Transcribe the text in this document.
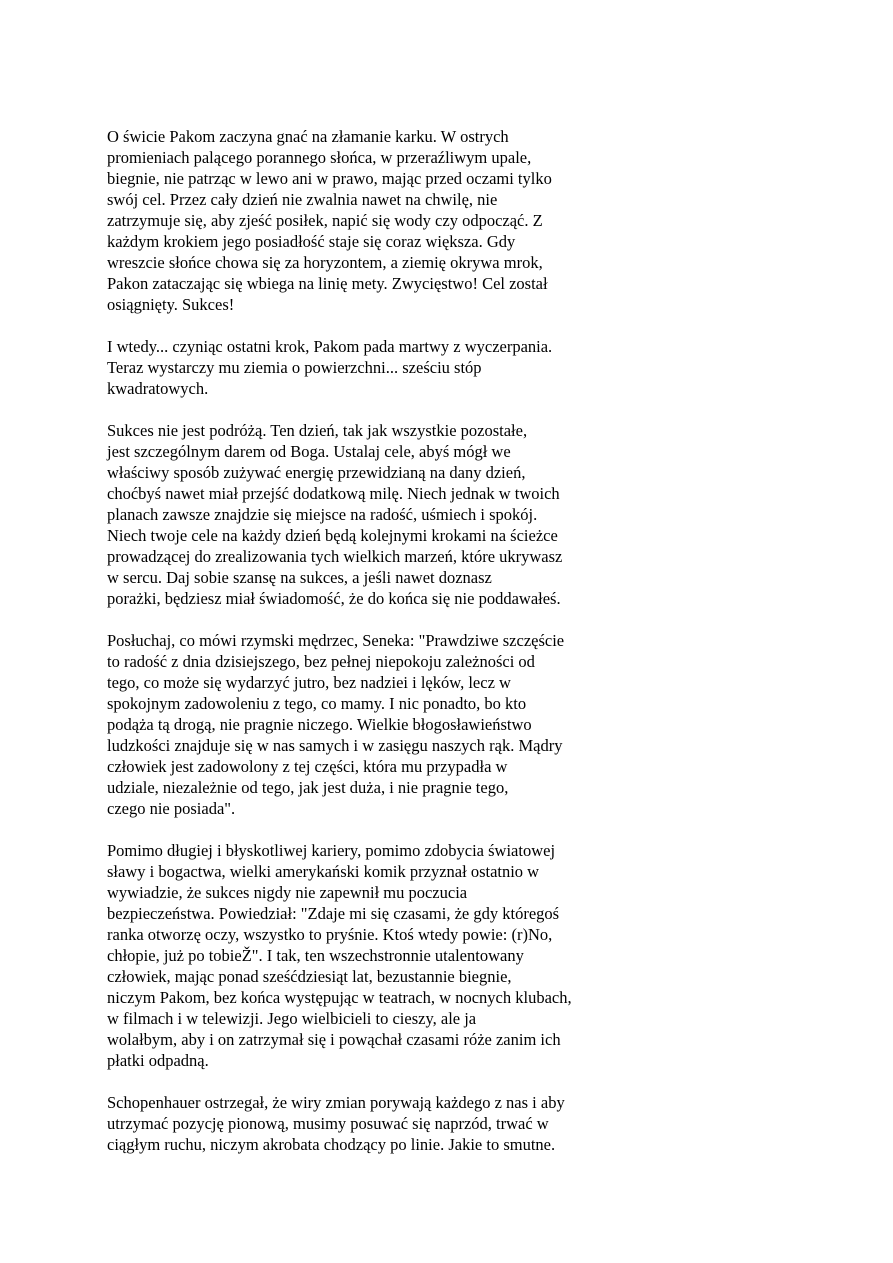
O świcie Pakom zaczyna gnać na złamanie karku. W ostrych
promieniach palącego porannego słońca, w przeraźliwym upale,
biegnie, nie patrząc w lewo ani w prawo, mając przed oczami tylko
swój cel. Przez cały dzień nie zwalnia nawet na chwilę, nie
zatrzymuje się, aby zjeść posiłek, napić się wody czy odpocząć. Z
każdym krokiem jego posiadłość staje się coraz większa. Gdy
wreszcie słońce chowa się za horyzontem, a ziemię okrywa mrok,
Pakon zataczając się wbiega na linię mety. Zwycięstwo! Cel został
osiągnięty. Sukces!
I wtedy... czyniąc ostatni krok, Pakom pada martwy z wyczerpania.
Teraz wystarczy mu ziemia o powierzchni... sześciu stóp
kwadratowych.
Sukces nie jest podróżą. Ten dzień, tak jak wszystkie pozostałe,
jest szczególnym darem od Boga. Ustalaj cele, abyś mógł we
właściwy sposób zużywać energię przewidzianą na dany dzień,
choćbyś nawet miał przejść dodatkową milę. Niech jednak w twoich
planach zawsze znajdzie się miejsce na radość, uśmiech i spokój.
Niech twoje cele na każdy dzień będą kolejnymi krokami na ścieżce
prowadzącej do zrealizowania tych wielkich marzeń, które ukrywasz
w sercu. Daj sobie szansę na sukces, a jeśli nawet doznasz
porażki, będziesz miał świadomość, że do końca się nie poddawałeś.
Posłuchaj, co mówi rzymski mędrzec, Seneka: "Prawdziwe szczęście
to radość z dnia dzisiejszego, bez pełnej niepokoju zależności od
tego, co może się wydarzyć jutro, bez nadziei i lęków, lecz w
spokojnym zadowoleniu z tego, co mamy. I nic ponadto, bo kto
podąża tą drogą, nie pragnie niczego. Wielkie błogosławieństwo
ludzkości znajduje się w nas samych i w zasięgu naszych rąk. Mądry
człowiek jest zadowolony z tej części, która mu przypadła w
udziale, niezależnie od tego, jak jest duża, i nie pragnie tego,
czego nie posiada".
Pomimo długiej i błyskotliwej kariery, pomimo zdobycia światowej
sławy i bogactwa, wielki amerykański komik przyznał ostatnio w
wywiadzie, że sukces nigdy nie zapewnił mu poczucia
bezpieczeństwa. Powiedział: "Zdaje mi się czasami, że gdy któregoś
ranka otworzę oczy, wszystko to pryśnie. Ktoś wtedy powie: (r)No,
chłopie, już po tobieŽ". I tak, ten wszechstronnie utalentowany
człowiek, mając ponad sześćdziesiąt lat, bezustannie biegnie,
niczym Pakom, bez końca występując w teatrach, w nocnych klubach,
w filmach i w telewizji. Jego wielbicieli to cieszy, ale ja
wolałbym, aby i on zatrzymał się i powąchał czasami róże zanim ich
płatki odpadną.
Schopenhauer ostrzegał, że wiry zmian porywają każdego z nas i aby
utrzymać pozycję pionową, musimy posuwać się naprzód, trwać w
ciągłym ruchu, niczym akrobata chodzący po linie. Jakie to smutne.
